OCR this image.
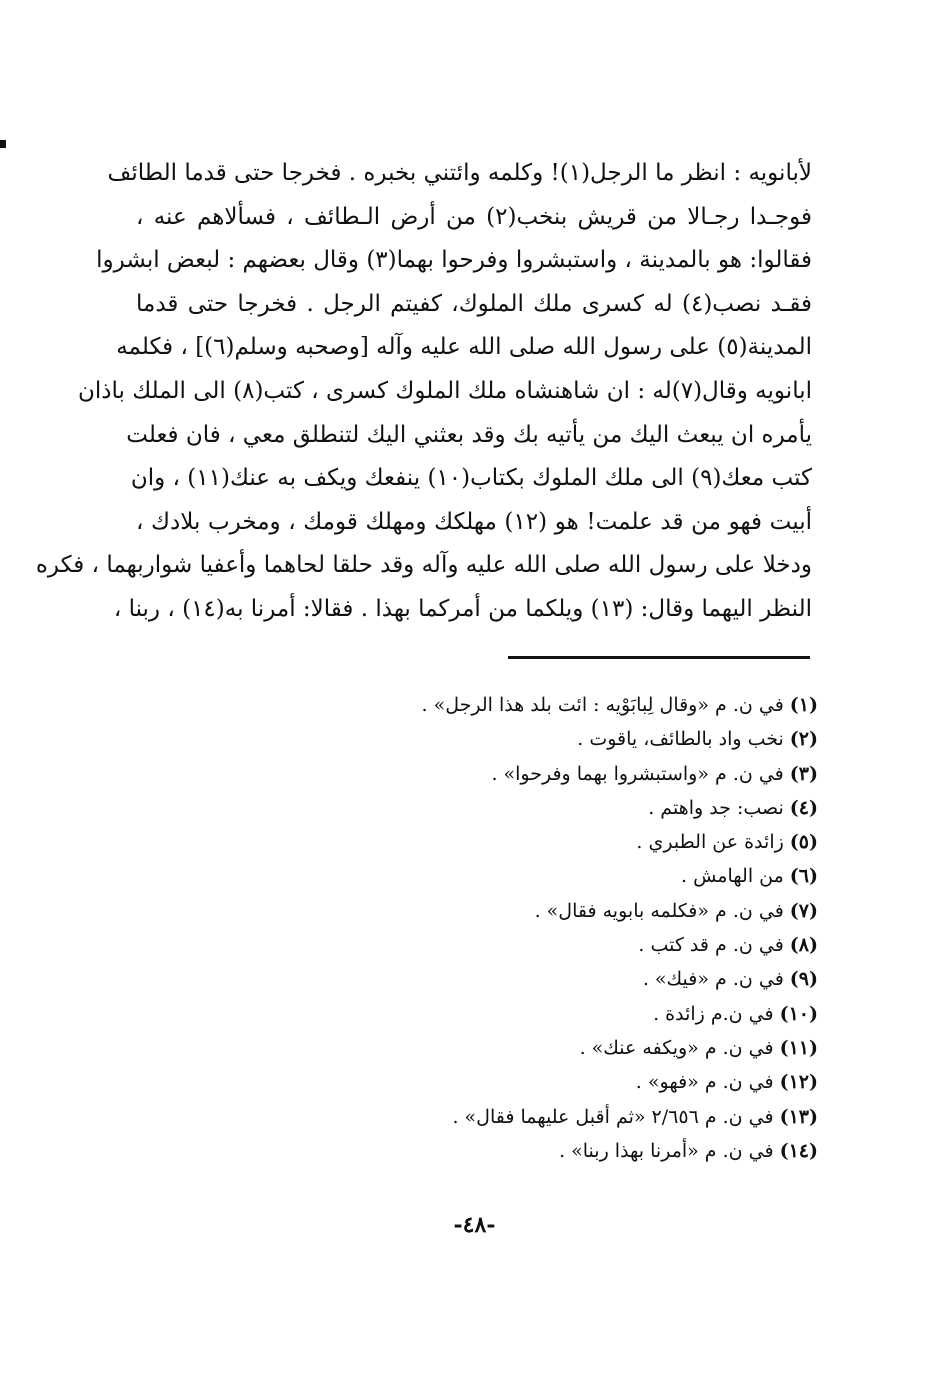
لأبانويه : انظر ما الرجل(١)! وكلمه وائتني بخبره . فخرجا حتى قدما الطائف
فوجـدا رجـالا من قريش بنخب(٢) من أرض الـطائف ، فسألاهم عنه ،
فقالوا: هو بالمدينة ، واستبشروا وفرحوا بهما(٣) وقال بعضهم : لبعض ابشروا
فقـد نصب(٤) له كسرى ملك الملوك، كفيتم الرجل . فخرجا حتى قدما
المدينة(٥) على رسول الله صلى الله عليه وآله [وصحبه وسلم(٦)] ، فكلمه
ابانويه وقال(٧)له : ان شاهنشاه ملك الملوك كسرى ، كتب(٨) الى الملك باذان
يأمره ان يبعث اليك من يأتيه بك وقد بعثني اليك لتنطلق معي ، فان فعلت
كتب معك(٩) الى ملك الملوك بكتاب(١٠) ينفعك ويكف به عنك(١١) ، وان
أبيت فهو من قد علمت! هو (١٢) مهلكك ومهلك قومك ، ومخرب بلادك ،
ودخلا على رسول الله صلى الله عليه وآله وقد حلقا لحاهما وأعفيا شواربهما ، فكره
النظر اليهما وقال: (١٣) ويلكما من أمركما بهذا . فقالا: أمرنا به(١٤) ، ربنا ،
(١)في ن. م «وقال لِبابَوْيه : ائت بلد هذا الرجل» .
(٢)نخب واد بالطائف، ياقوت .
(٣)في ن. م «واستبشروا بهما وفرحوا» .
(٤)نصب: جد واهتم .
(٥)زائدة عن الطبري .
(٦)من الهامش .
(٧)في ن. م «فكلمه بابويه فقال» .
(٨)في ن. م قد كتب .
(٩)في ن. م «فيك» .
(١٠)في ن.م زائدة .
(١١)في ن. م «ويكفه عنك» .
(١٢)في ن. م «فهو» .
(١٣)في ن. م ٢/٦٥٦ «ثم أقبل عليهما فقال» .
(١٤)في ن. م «أمرنا بهذا ربنا» .
-٤٨-
